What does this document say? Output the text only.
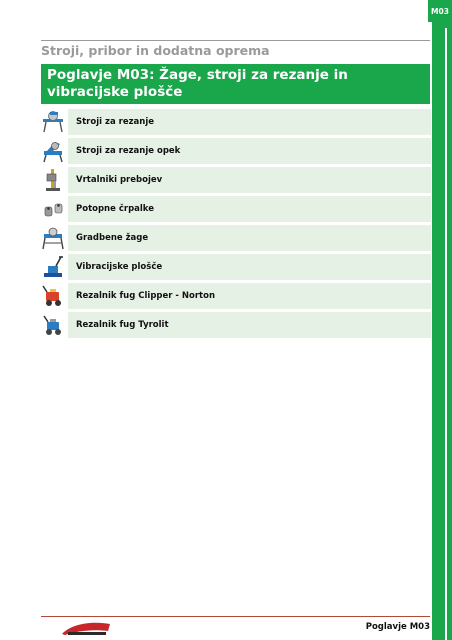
M03
Stroji, pribor in dodatna oprema
Poglavje M03: Žage, stroji za rezanje in vibracijske plošče
Stroji za rezanje
Stroji za rezanje opek
Vrtalniki prebojev
Potopne črpalke
Gradbene žage
Vibracijske plošče
Rezalnik fug Clipper - Norton
Rezalnik fug Tyrolit
Poglavje M03
